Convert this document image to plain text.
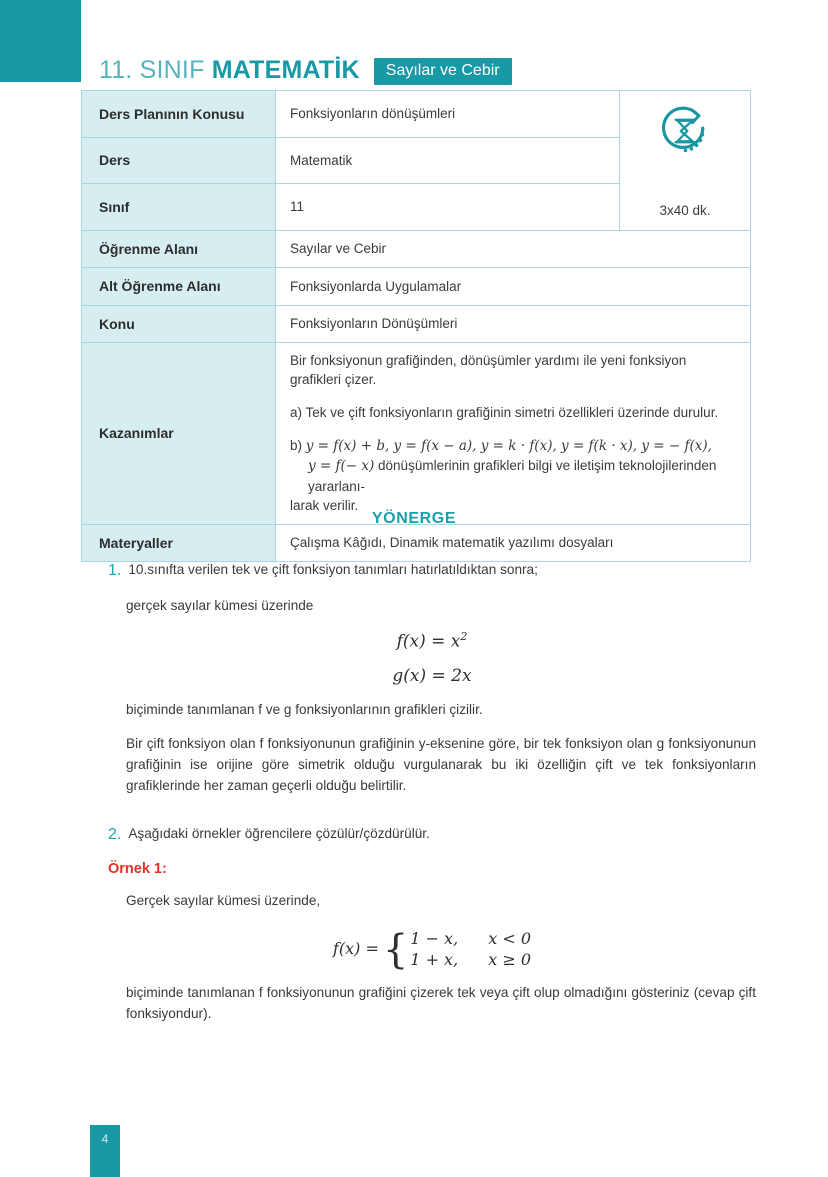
11. SINIF MATEMATİK	Sayılar ve Cebir
Ders Planının Konusu	Fonksiyonların dönüşümleri	3x40 dk.

Ders	Matematik	
Sınıf	11	
Öğrenme Alanı	Sayılar ve Cebir	
Alt Öğrenme Alanı	Fonksiyonlarda Uygulamalar	
Konu	Fonksiyonların Dönüşümleri	
Kazanımlar	Bir fonksiyonun grafiğinden, dönüşümler yardımı ile yeni fonksiyon grafikleri çizer.

a) Tek ve çift fonksiyonların grafiğinin simetri özellikleri üzerinde durulur.

b) y = f(x) + b, y = f(x − a), y = k · f(x), y = f(k · x), y = − f(x),
y = f(− x) dönüşümlerinin grafikleri bilgi ve iletişim teknolojilerinden yararlanı-
larak verilir.	

Materyaller	Çalışma Kâğıdı, Dinamik matematik yazılımı dosyaları	
YÖNERGE
1. 10.sınıfta verilen tek ve çift fonksiyon tanımları hatırlatıldıktan sonra;
gerçek sayılar kümesi üzerinde
$f(x) = x^2$
g(x) = 2x
biçiminde tanımlanan f ve g fonksiyonlarının grafikleri çizilir.
Bir çift fonksiyon olan f fonksiyonunun grafiğinin y-eksenine göre, bir tek fonksiyon olan g fonksiyonunun grafiğinin ise orijine göre simetrik olduğu vurgulanarak bu iki özelliğin çift ve tek fonksiyonların grafiklerinde her zaman geçerli olduğu belirtilir.
2. Aşağıdaki örnekler öğrencilere çözülür/çözdürülür.
Örnek 1:
Gerçek sayılar kümesi üzerinde,
f(x) = { 1 − x,	x < 0
1 + x,	x ≥ 0
biçiminde tanımlanan f fonksiyonunun grafiğini çizerek tek veya çift olup olmadığını gösteriniz (cevap çift fonksiyondur).
4
